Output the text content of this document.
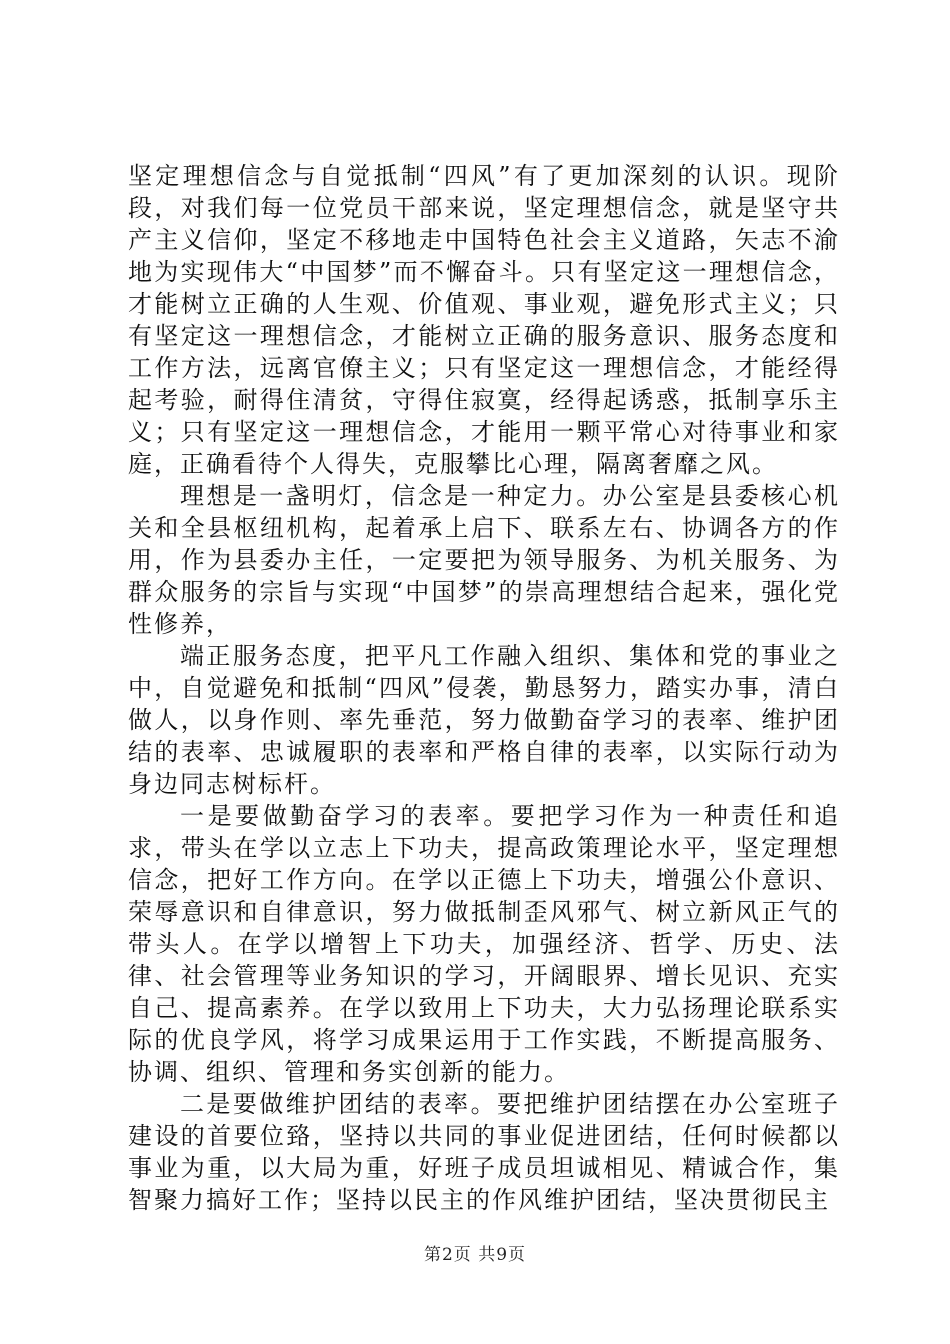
坚定理想信念与自觉抵制“四风”有了更加深刻的认识。现阶段，对我们每一位党员干部来说，坚定理想信念，就是坚守共产主义信仰，坚定不移地走中国特色社会主义道路，矢志不渝地为实现伟大“中国梦”而不懈奋斗。只有坚定这一理想信念，才能树立正确的人生观、价值观、事业观，避免形式主义；只有坚定这一理想信念，才能树立正确的服务意识、服务态度和工作方法，远离官僚主义；只有坚定这一理想信念，才能经得起考验，耐得住清贫，守得住寂寞，经得起诱惑，抵制享乐主义；只有坚定这一理想信念，才能用一颗平常心对待事业和家庭，正确看待个人得失，克服攀比心理，隔离奢靡之风。

理想是一盏明灯，信念是一种定力。办公室是县委核心机关和全县枢纽机构，起着承上启下、联系左右、协调各方的作用，作为县委办主任，一定要把为领导服务、为机关服务、为群众服务的宗旨与实现“中国梦”的崇高理想结合起来，强化党性修养，

端正服务态度，把平凡工作融入组织、集体和党的事业之中，自觉避免和抵制“四风”侵袭，勤恳努力，踏实办事，清白做人，以身作则、率先垂范，努力做勤奋学习的表率、维护团结的表率、忠诚履职的表率和严格自律的表率，以实际行动为身边同志树标杆。

一是要做勤奋学习的表率。要把学习作为一种责任和追求，带头在学以立志上下功夫，提高政策理论水平，坚定理想信念，把好工作方向。在学以正德上下功夫，增强公仆意识、荣辱意识和自律意识，努力做抵制歪风邪气、树立新风正气的带头人。在学以增智上下功夫，加强经济、哲学、历史、法律、社会管理等业务知识的学习，开阔眼界、增长见识、充实自己、提高素养。在学以致用上下功夫，大力弘扬理论联系实际的优良学风，将学习成果运用于工作实践，不断提高服务、协调、组织、管理和务实创新的能力。

二是要做维护团结的表率。要把维护团结摆在办公室班子建设的首要位臵，坚持以共同的事业促进团结，任何时候都以事业为重，以大局为重，好班子成员坦诚相见、精诚合作，集智聚力搞好工作；坚持以民主的作风维护团结，坚决贯彻民主

第2页 共9页
